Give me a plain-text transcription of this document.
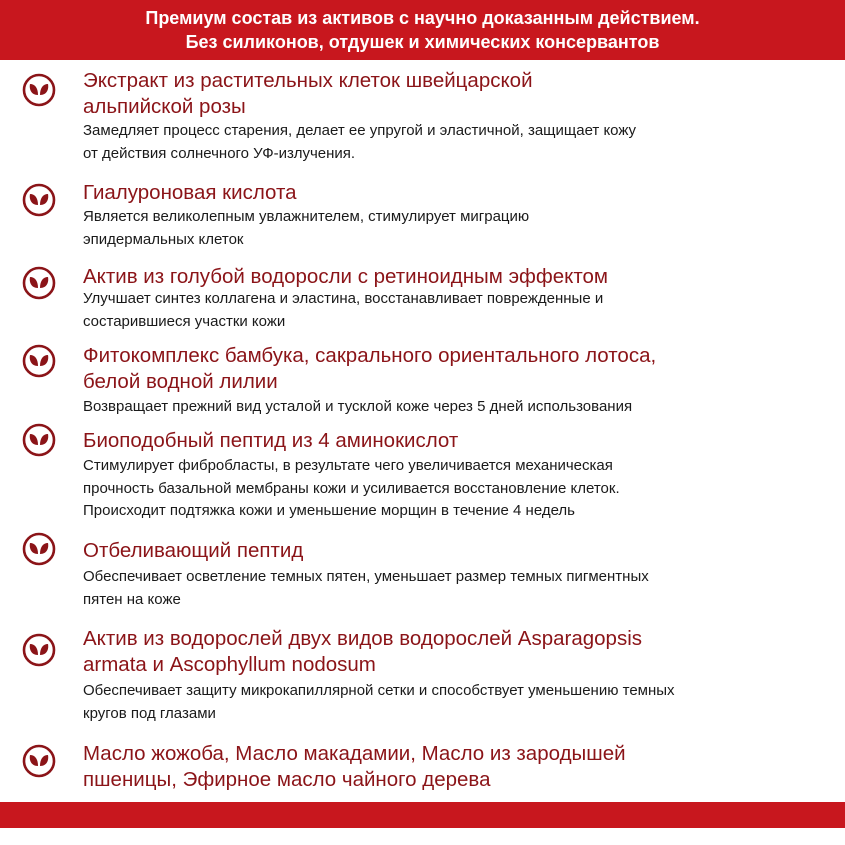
Премиум состав из активов с научно доказанным действием.
Без силиконов, отдушек и химических консервантов
Экстракт из растительных клеток швейцарской
альпийской розы
Замедляет процесс старения, делает ее упругой и эластичной, защищает кожу
от действия солнечного УФ-излучения.
Гиалуроновая кислота
Является великолепным увлажнителем, стимулирует миграцию
эпидермальных клеток
Актив из голубой водоросли с ретиноидным эффектом
Улучшает синтез коллагена и эластина, восстанавливает поврежденные и
состарившиеся участки кожи
Фитокомплекс бамбука, сакрального ориентального лотоса,
белой водной лилии
Возвращает прежний вид усталой и тусклой коже через 5 дней использования
Биоподобный пептид из 4 аминокислот
Стимулирует фибробласты, в результате чего увеличивается механическая
прочность базальной мембраны кожи и усиливается восстановление клеток.
Происходит подтяжка кожи и уменьшение морщин в течение 4 недель
Отбеливающий пептид
Обеспечивает осветление темных пятен, уменьшает размер темных пигментных
пятен на коже
Актив из водорослей двух видов водорослей Asparagopsis
armata и Ascophyllum nodosum
Обеспечивает защиту микрокапиллярной сетки и способствует уменьшению темных
кругов под глазами
Масло жожоба, Масло макадамии, Масло из зародышей
пшеницы, Эфирное масло чайного дерева
